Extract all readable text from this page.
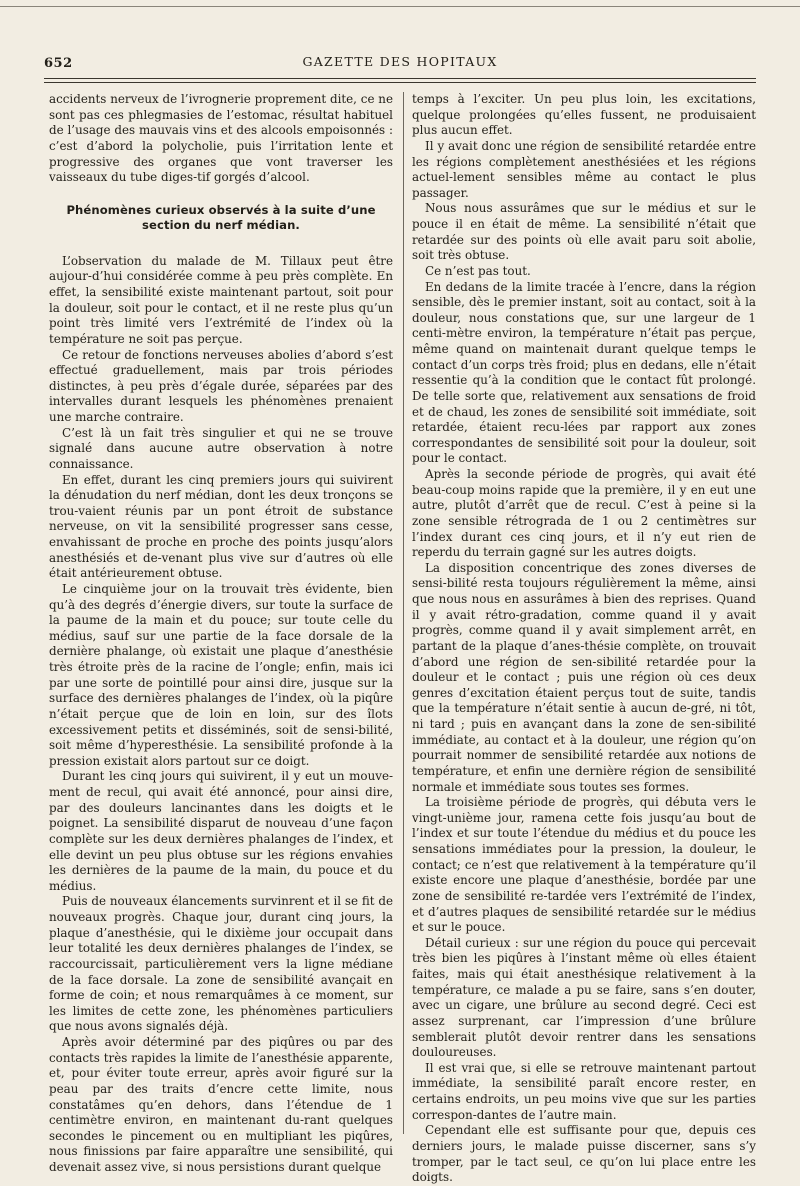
652	GAZETTE DES HOPITAUX

accidents nerveux de l’ivrognerie proprement dite, ce ne sont pas ces phlegmasies de l’estomac, résultat habituel de l’usage des mauvais vins et des alcools empoisonnés : c’est d’abord la polycholie, puis l’irritation lente et progressive des organes que vont traverser les vaisseaux du tube diges-tif gorgés d’alcool.

Phénomènes curieux observés à la suite d’une section du nerf médian.

L’observation du malade de M. Tillaux peut être aujour-d’hui considérée comme à peu près complète. En effet, la sensibilité existe maintenant partout, soit pour la douleur, soit pour le contact, et il ne reste plus qu’un point très limité vers l’extrémité de l’index où la température ne soit pas perçue.

Ce retour de fonctions nerveuses abolies d’abord s’est effectué graduellement, mais par trois périodes distinctes, à peu près d’égale durée, séparées par des intervalles durant lesquels les phénomènes prenaient une marche contraire.

C’est là un fait très singulier et qui ne se trouve signalé dans aucune autre observation à notre connaissance.

En effet, durant les cinq premiers jours qui suivirent la dénudation du nerf médian, dont les deux tronçons se trou-vaient réunis par un pont étroit de substance nerveuse, on vit la sensibilité progresser sans cesse, envahissant de proche en proche des points jusqu’alors anesthésiés et de-venant plus vive sur d’autres où elle était antérieurement obtuse.

Le cinquième jour on la trouvait très évidente, bien qu’à des degrés d’énergie divers, sur toute la surface de la paume de la main et du pouce; sur toute celle du médius, sauf sur une partie de la face dorsale de la dernière phalange, où existait une plaque d’anesthésie très étroite près de la racine de l’ongle; enfin, mais ici par une sorte de pointillé pour ainsi dire, jusque sur la surface des dernières phalanges de l’index, où la piqûre n’était perçue que de loin en loin, sur des îlots excessivement petits et disséminés, soit de sensi-bilité, soit même d’hyperesthésie. La sensibilité profonde à la pression existait alors partout sur ce doigt.

Durant les cinq jours qui suivirent, il y eut un mouve-ment de recul, qui avait été annoncé, pour ainsi dire, par des douleurs lancinantes dans les doigts et le poignet. La sensibilité disparut de nouveau d’une façon complète sur les deux dernières phalanges de l’index, et elle devint un peu plus obtuse sur les régions envahies les dernières de la paume de la main, du pouce et du médius.

Puis de nouveaux élancements survinrent et il se fit de nouveaux progrès. Chaque jour, durant cinq jours, la plaque d’anesthésie, qui le dixième jour occupait dans leur totalité les deux dernières phalanges de l’index, se raccourcissait, particulièrement vers la ligne médiane de la face dorsale. La zone de sensibilité avançait en forme de coin; et nous remarquâmes à ce moment, sur les limites de cette zone, les phénomènes particuliers que nous avons signalés déjà.

Après avoir déterminé par des piqûres ou par des contacts très rapides la limite de l’anesthésie apparente, et, pour éviter toute erreur, après avoir figuré sur la peau par des traits d’encre cette limite, nous constatâmes qu’en dehors, dans l’étendue de 1 centimètre environ, en maintenant du-rant quelques secondes le pincement ou en multipliant les piqûres, nous finissions par faire apparaître une sensibilité, qui devenait assez vive, si nous persistions durant quelque

temps à l’exciter. Un peu plus loin, les excitations, quelque prolongées qu’elles fussent, ne produisaient plus aucun effet.

Il y avait donc une région de sensibilité retardée entre les régions complètement anesthésiées et les régions actuel-lement sensibles même au contact le plus passager.

Nous nous assurâmes que sur le médius et sur le pouce il en était de même. La sensibilité n’était que retardée sur des points où elle avait paru soit abolie, soit très obtuse.

Ce n’est pas tout.

En dedans de la limite tracée à l’encre, dans la région sensible, dès le premier instant, soit au contact, soit à la douleur, nous constations que, sur une largeur de 1 centi-mètre environ, la température n’était pas perçue, même quand on maintenait durant quelque temps le contact d’un corps très froid; plus en dedans, elle n’était ressentie qu’à la condition que le contact fût prolongé. De telle sorte que, relativement aux sensations de froid et de chaud, les zones de sensibilité soit immédiate, soit retardée, étaient recu-lées par rapport aux zones correspondantes de sensibilité soit pour la douleur, soit pour le contact.

Après la seconde période de progrès, qui avait été beau-coup moins rapide que la première, il y en eut une autre, plutôt d’arrêt que de recul. C’est à peine si la zone sensible rétrograda de 1 ou 2 centimètres sur l’index durant ces cinq jours, et il n’y eut rien de reperdu du terrain gagné sur les autres doigts.

La disposition concentrique des zones diverses de sensi-bilité resta toujours régulièrement la même, ainsi que nous nous en assurâmes à bien des reprises. Quand il y avait rétro-gradation, comme quand il y avait progrès, comme quand il y avait simplement arrêt, en partant de la plaque d’anes-thésie complète, on trouvait d’abord une région de sen-sibilité retardée pour la douleur et le contact ; puis une région où ces deux genres d’excitation étaient perçus tout de suite, tandis que la température n’était sentie à aucun de-gré, ni tôt, ni tard ; puis en avançant dans la zone de sen-sibilité immédiate, au contact et à la douleur, une région qu’on pourrait nommer de sensibilité retardée aux notions de température, et enfin une dernière région de sensibilité normale et immédiate sous toutes ses formes.

La troisième période de progrès, qui débuta vers le vingt-unième jour, ramena cette fois jusqu’au bout de l’index et sur toute l’étendue du médius et du pouce les sensations immédiates pour la pression, la douleur, le contact; ce n’est que relativement à la température qu’il existe encore une plaque d’anesthésie, bordée par une zone de sensibilité re-tardée vers l’extrémité de l’index, et d’autres plaques de sensibilité retardée sur le médius et sur le pouce.

Détail curieux : sur une région du pouce qui percevait très bien les piqûres à l’instant même où elles étaient faites, mais qui était anesthésique relativement à la température, ce malade a pu se faire, sans s’en douter, avec un cigare, une brûlure au second degré. Ceci est assez surprenant, car l’impression d’une brûlure semblerait plutôt devoir rentrer dans les sensations douloureuses.

Il est vrai que, si elle se retrouve maintenant partout immédiate, la sensibilité paraît encore rester, en certains endroits, un peu moins vive que sur les parties correspon-dantes de l’autre main.

Cependant elle est suffisante pour que, depuis ces derniers jours, le malade puisse discerner, sans s’y tromper, par le tact seul, ce qu’on lui place entre les doigts.
